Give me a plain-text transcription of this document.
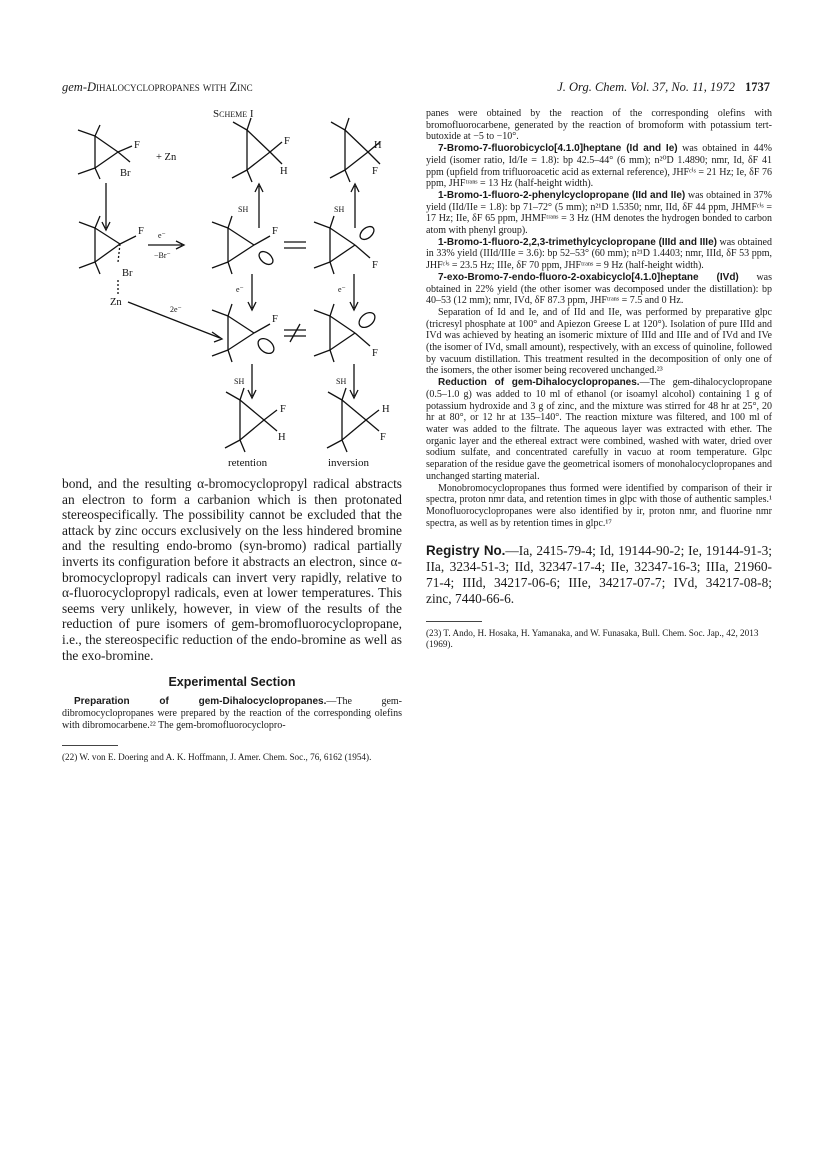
gem-Dihalocyclopropanes with Zinc	J. Org. Chem. Vol. 37, No. 11, 1972 1737
Scheme I
F
Br
+ Zn
F
H
H
F
SH	SH
F
Br
Zn
e⁻
−Br⁻
2e⁻
F
F
e⁻	e⁻
F
F
SH	SH
F
H
H
F
retention	inversion

bond, and the resulting α-bromocyclopropyl radical abstracts an electron to form a carbanion which is then protonated stereospecifically. The possibility cannot be excluded that the attack by zinc occurs exclusively on the less hindered bromine and the resulting endo-bromo (syn-bromo) radical partially inverts its configuration before it abstracts an electron, since α-bromocyclopropyl radicals can invert very rapidly, relative to α-fluorocyclopropyl radicals, even at lower temperatures. This seems very unlikely, however, in view of the results of the reduction of pure isomers of gem-bromofluorocyclopropane, i.e., the stereospecific reduction of the endo-bromine as well as the exo-bromine.

Experimental Section

Preparation of gem-Dihalocyclopropanes.—The gem-dibromocyclopropanes were prepared by the reaction of the corresponding olefins with dibromocarbene.²² The gem-bromofluorocyclopro-

(22) W. von E. Doering and A. K. Hoffmann, J. Amer. Chem. Soc., 76, 6162 (1954).

panes were obtained by the reaction of the corresponding olefins with bromofluorocarbene, generated by the reaction of bromoform with potassium tert-butoxide at −5 to −10°.

7-Bromo-7-fluorobicyclo[4.1.0]heptane (Id and Ie) was obtained in 44% yield (isomer ratio, Id/Ie = 1.8): bp 42.5–44° (6 mm); n²⁰D 1.4890; nmr, Id, δF 41 ppm (upfield from trifluoroacetic acid as external reference), JHFᶜⁱˢ = 21 Hz; Ie, δF 76 ppm, JHFᵗʳᵃⁿˢ = 13 Hz (half-height width).

1-Bromo-1-fluoro-2-phenylcyclopropane (IId and IIe) was obtained in 37% yield (IId/IIe = 1.8): bp 71–72° (5 mm); n²¹D 1.5350; nmr, IId, δF 44 ppm, JHMFᶜⁱˢ = 17 Hz; IIe, δF 65 ppm, JHMFᵗʳᵃⁿˢ = 3 Hz (HM denotes the hydrogen bonded to carbon atom with phenyl group).

1-Bromo-1-fluoro-2,2,3-trimethylcyclopropane (IIId and IIIe) was obtained in 33% yield (IIId/IIIe = 3.6): bp 52–53° (60 mm); n²¹D 1.4403; nmr, IIId, δF 53 ppm, JHFᶜⁱˢ = 23.5 Hz; IIIe, δF 70 ppm, JHFᵗʳᵃⁿˢ = 9 Hz (half-height width).

7-exo-Bromo-7-endo-fluoro-2-oxabicyclo[4.1.0]heptane (IVd) was obtained in 22% yield (the other isomer was decomposed under the distillation): bp 40–53 (12 mm); nmr, IVd, δF 87.3 ppm, JHFᵗʳᵃⁿˢ = 7.5 and 0 Hz.

Separation of Id and Ie, and of IId and IIe, was performed by preparative glpc (tricresyl phosphate at 100° and Apiezon Greese L at 120°). Isolation of pure IIId and IVd was achieved by heating an isomeric mixture of IIId and IIIe and of IVd and IVe (the isomer of IVd, small amount), respectively, with an excess of quinoline, followed by vacuum distillation. This treatment resulted in the decomposition of only one of the isomers, the other isomer being recovered unchanged.²³

Reduction of gem-Dihalocyclopropanes.—The gem-dihalocyclopropane (0.5–1.0 g) was added to 10 ml of ethanol (or isoamyl alcohol) containing 1 g of potassium hydroxide and 3 g of zinc, and the mixture was stirred for 48 hr at 25°, 20 hr at 80°, or 12 hr at 135–140°. The reaction mixture was filtered, and 100 ml of water was added to the filtrate. The aqueous layer was extracted with ether. The organic layer and the ethereal extract were combined, washed with water, dried over sodium sulfate, and concentrated carefully in vacuo at room temperature. Glpc separation of the residue gave the geometrical isomers of monohalocyclopropanes and unchanged starting material.

Monobromocyclopropanes thus formed were identified by comparison of their ir spectra, proton nmr data, and retention times in glpc with those of authentic samples.¹ Monofluorocyclopropanes were also identified by ir, proton nmr, and fluorine nmr spectra, as well as by retention times in glpc.¹⁷

Registry No.—Ia, 2415-79-4; Id, 19144-90-2; Ie, 19144-91-3; IIa, 3234-51-3; IId, 32347-17-4; IIe, 32347-16-3; IIIa, 21960-71-4; IIId, 34217-06-6; IIIe, 34217-07-7; IVd, 34217-08-8; zinc, 7440-66-6.

(23) T. Ando, H. Hosaka, H. Yamanaka, and W. Funasaka, Bull. Chem. Soc. Jap., 42, 2013 (1969).
